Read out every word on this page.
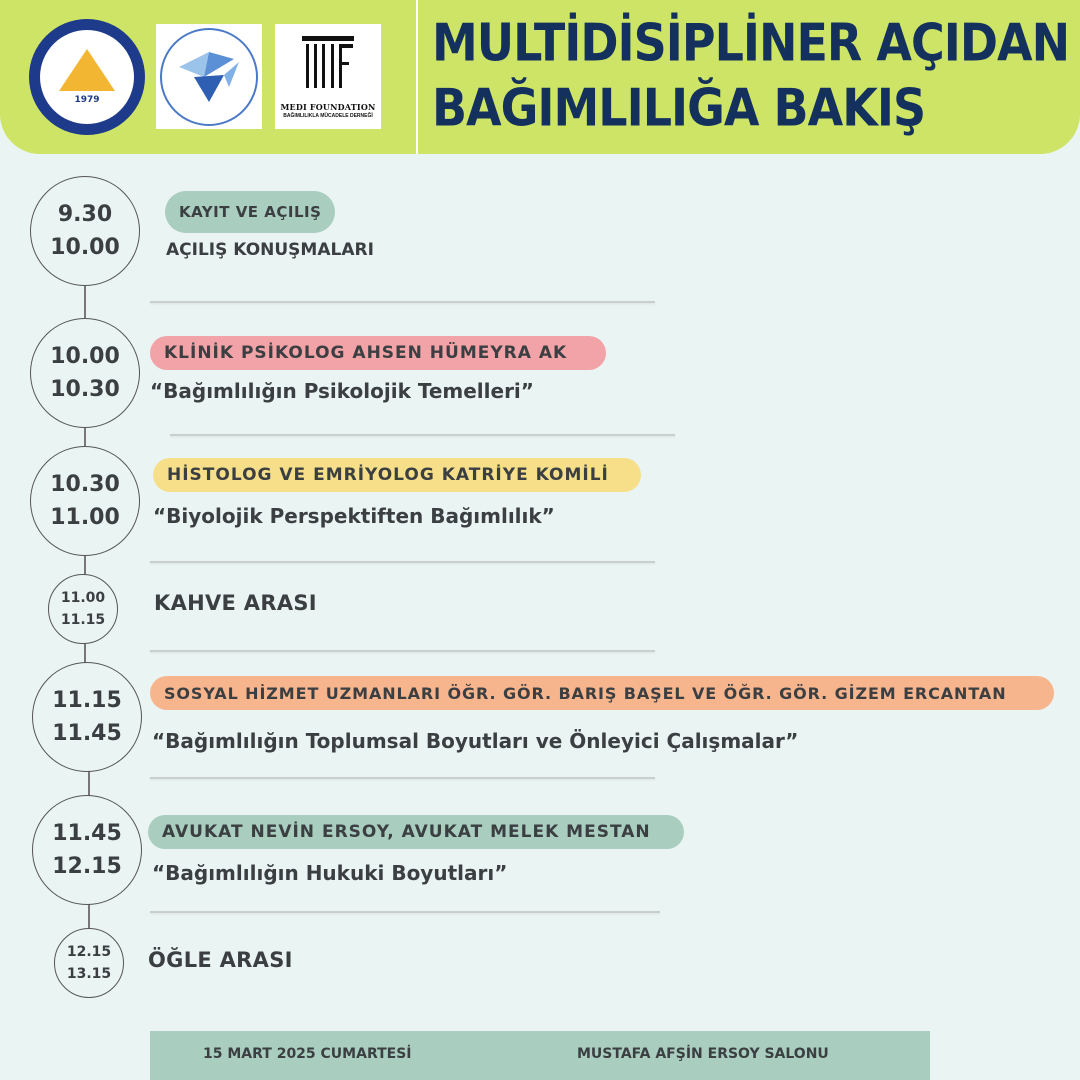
1979
MEDI FOUNDATION
BAĞIMLILIKLA MÜCADELE DERNEĞİ
MULTİDİSİPLİNER AÇIDAN
BAĞIMLILIĞA BAKIŞ
9.30
10.00
KAYIT VE AÇILIŞ
AÇILIŞ KONUŞMALARI
10.00
10.30
KLİNİK PSİKOLOG AHSEN HÜMEYRA AK
“Bağımlılığın Psikolojik Temelleri”
10.30
11.00
HİSTOLOG VE EMRİYOLOG KATRİYE KOMİLİ
“Biyolojik Perspektiften Bağımlılık”
11.00
11.15
KAHVE ARASI
11.15
11.45
SOSYAL HİZMET UZMANLARI ÖĞR. GÖR. BARIŞ BAŞEL VE ÖĞR. GÖR. GİZEM ERCANTAN
“Bağımlılığın Toplumsal Boyutları ve Önleyici Çalışmalar”
11.45
12.15
AVUKAT NEVİN ERSOY, AVUKAT MELEK MESTAN
“Bağımlılığın Hukuki Boyutları”
12.15
13.15
ÖĞLE ARASI
15 MART 2025 CUMARTESİ	MUSTAFA AFŞİN ERSOY SALONU
